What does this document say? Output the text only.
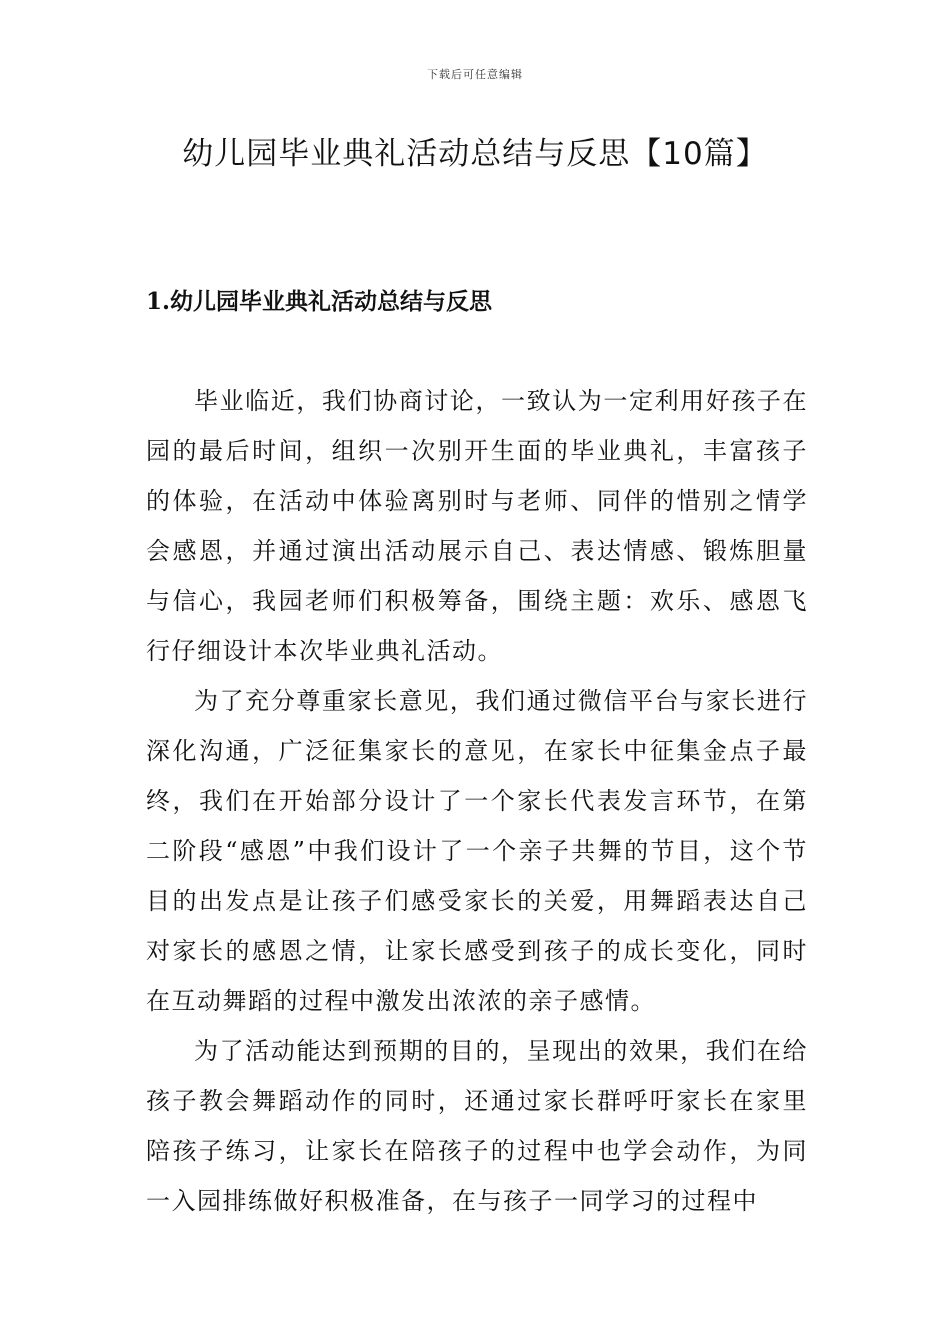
下载后可任意编辑
幼儿园毕业典礼活动总结与反思【10篇】
1.幼儿园毕业典礼活动总结与反思

毕业临近，我们协商讨论，一致认为一定利用好孩子在园的最后时间，组织一次别开生面的毕业典礼，丰富孩子的体验，在活动中体验离别时与老师、同伴的惜别之情学会感恩，并通过演出活动展示自己、表达情感、锻炼胆量与信心，我园老师们积极筹备，围绕主题：欢乐、感恩飞行仔细设计本次毕业典礼活动。

为了充分尊重家长意见，我们通过微信平台与家长进行深化沟通，广泛征集家长的意见，在家长中征集金点子最终，我们在开始部分设计了一个家长代表发言环节，在第二阶段“感恩”中我们设计了一个亲子共舞的节目，这个节目的出发点是让孩子们感受家长的关爱，用舞蹈表达自己对家长的感恩之情，让家长感受到孩子的成长变化，同时在互动舞蹈的过程中激发出浓浓的亲子感情。

为了活动能达到预期的目的，呈现出的效果，我们在给孩子教会舞蹈动作的同时，还通过家长群呼吁家长在家里陪孩子练习，让家长在陪孩子的过程中也学会动作，为同一入园排练做好积极准备，在与孩子一同学习的过程中
